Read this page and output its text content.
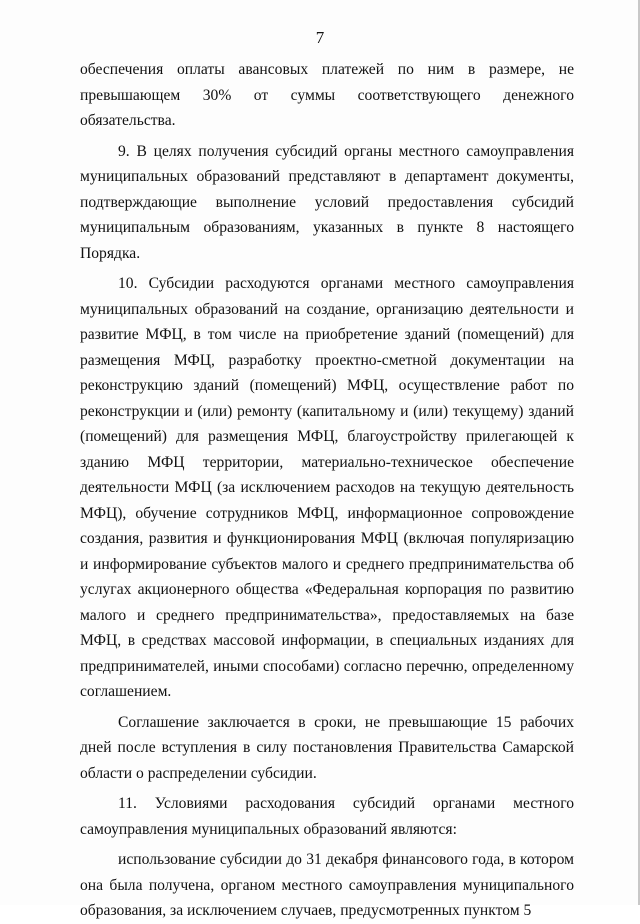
7

обеспечения оплаты авансовых платежей по ним в размере, не превышающем 30% от суммы соответствующего денежного обязательства.

9. В целях получения субсидий органы местного самоуправления муниципальных образований представляют в департамент документы, подтверждающие выполнение условий предоставления субсидий муниципальным образованиям, указанных в пункте 8 настоящего Порядка.

10. Субсидии расходуются органами местного самоуправления муниципальных образований на создание, организацию деятельности и развитие МФЦ, в том числе на приобретение зданий (помещений) для размещения МФЦ, разработку проектно-сметной документации на реконструкцию зданий (помещений) МФЦ, осуществление работ по реконструкции и (или) ремонту (капитальному и (или) текущему) зданий (помещений) для размещения МФЦ, благоустройству прилегающей к зданию МФЦ территории, материально-техническое обеспечение деятельности МФЦ (за исключением расходов на текущую деятельность МФЦ), обучение сотрудников МФЦ, информационное сопровождение создания, развития и функционирования МФЦ (включая популяризацию и информирование субъектов малого и среднего предпринимательства об услугах акционерного общества «Федеральная корпорация по развитию малого и среднего предпринимательства», предоставляемых на базе МФЦ, в средствах массовой информации, в специальных изданиях для предпринимателей, иными способами) согласно перечню, определенному соглашением.

Соглашение заключается в сроки, не превышающие 15 рабочих дней после вступления в силу постановления Правительства Самарской области о распределении субсидии.

11. Условиями расходования субсидий органами местного самоуправления муниципальных образований являются:

использование субсидии до 31 декабря финансового года, в котором она была получена, органом местного самоуправления муниципального образования, за исключением случаев, предусмотренных пунктом 5
